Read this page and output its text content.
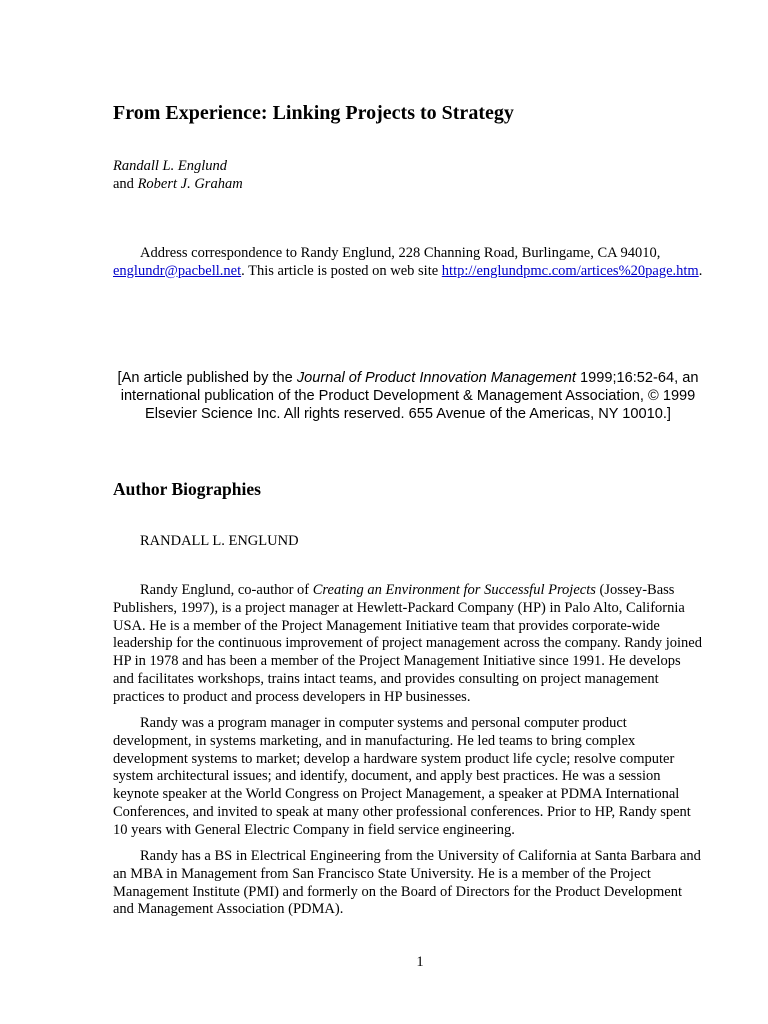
From Experience: Linking Projects to Strategy
Randall L. Englund
and Robert J. Graham

Address correspondence to Randy Englund, 228 Channing Road, Burlingame, CA 94010, englundr@pacbell.net. This article is posted on web site http://englundpmc.com/artices%20page.htm.

[An article published by the Journal of Product Innovation Management 1999;16:52-64, an international publication of the Product Development & Management Association, © 1999 Elsevier Science Inc. All rights reserved. 655 Avenue of the Americas, NY 10010.]

Author Biographies
RANDALL L. ENGLUND

Randy Englund, co-author of Creating an Environment for Successful Projects (Jossey-Bass Publishers, 1997), is a project manager at Hewlett-Packard Company (HP) in Palo Alto, California USA. He is a member of the Project Management Initiative team that provides corporate-wide leadership for the continuous improvement of project management across the company. Randy joined HP in 1978 and has been a member of the Project Management Initiative since 1991. He develops and facilitates workshops, trains intact teams, and provides consulting on project management practices to product and process developers in HP businesses.

Randy was a program manager in computer systems and personal computer product development, in systems marketing, and in manufacturing. He led teams to bring complex development systems to market; develop a hardware system product life cycle; resolve computer system architectural issues; and identify, document, and apply best practices. He was a session keynote speaker at the World Congress on Project Management, a speaker at PDMA International Conferences, and invited to speak at many other professional conferences. Prior to HP, Randy spent 10 years with General Electric Company in field service engineering.

Randy has a BS in Electrical Engineering from the University of California at Santa Barbara and an MBA in Management from San Francisco State University. He is a member of the Project Management Institute (PMI) and formerly on the Board of Directors for the Product Development and Management Association (PDMA).

1
